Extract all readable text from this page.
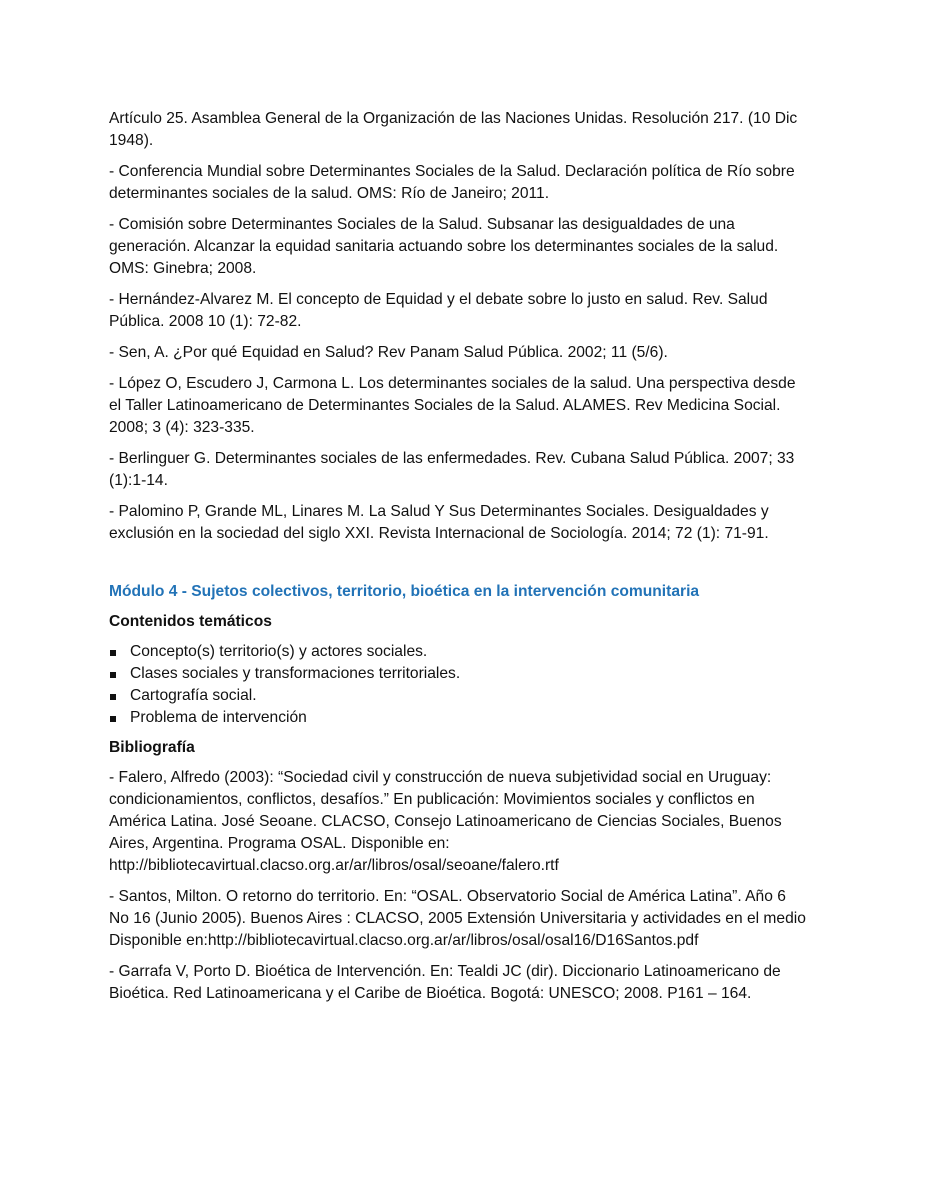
Artículo 25. Asamblea General de la Organización de las Naciones Unidas. Resolución 217. (10 Dic 1948).

- Conferencia Mundial sobre Determinantes Sociales de la Salud. Declaración política de Río sobre determinantes sociales de la salud. OMS: Río de Janeiro; 2011.

- Comisión sobre Determinantes Sociales de la Salud. Subsanar las desigualdades de una generación. Alcanzar la equidad sanitaria actuando sobre los determinantes sociales de la salud. OMS: Ginebra; 2008.

- Hernández-Alvarez M. El concepto de Equidad y el debate sobre lo justo en salud. Rev. Salud Pública. 2008 10 (1): 72-82.

- Sen, A. ¿Por qué Equidad en Salud? Rev Panam Salud Pública. 2002; 11 (5/6).

- López O, Escudero J, Carmona L. Los determinantes sociales de la salud. Una perspectiva desde el Taller Latinoamericano de Determinantes Sociales de la Salud. ALAMES. Rev Medicina Social. 2008; 3 (4): 323-335.

- Berlinguer G. Determinantes sociales de las enfermedades. Rev. Cubana Salud Pública. 2007; 33 (1):1-14.

- Palomino P, Grande ML, Linares M. La Salud Y Sus Determinantes Sociales. Desigualdades y exclusión en la sociedad del siglo XXI. Revista Internacional de Sociología. 2014; 72 (1): 71-91.

Módulo 4 - Sujetos colectivos, territorio, bioética en la intervención comunitaria
Contenidos temáticos
Concepto(s) territorio(s) y actores sociales.
Clases sociales y transformaciones territoriales.
Cartografía social.
Problema de intervención
Bibliografía

- Falero, Alfredo (2003): “Sociedad civil y construcción de nueva subjetividad social en Uruguay: condicionamientos, conflictos, desafíos.” En publicación: Movimientos sociales y conflictos en América Latina. José Seoane. CLACSO, Consejo Latinoamericano de Ciencias Sociales, Buenos Aires, Argentina. Programa OSAL. Disponible en: http://bibliotecavirtual.clacso.org.ar/ar/libros/osal/seoane/falero.rtf

- Santos, Milton. O retorno do territorio. En: “OSAL. Observatorio Social de América Latina”. Año 6 No 16 (Junio 2005). Buenos Aires : CLACSO, 2005 Extensión Universitaria y actividades en el medio Disponible en:http://bibliotecavirtual.clacso.org.ar/ar/libros/osal/osal16/D16Santos.pdf

- Garrafa V, Porto D. Bioética de Intervención. En: Tealdi JC (dir). Diccionario Latinoamericano de Bioética. Red Latinoamericana y el Caribe de Bioética. Bogotá: UNESCO; 2008. P161 – 164.
